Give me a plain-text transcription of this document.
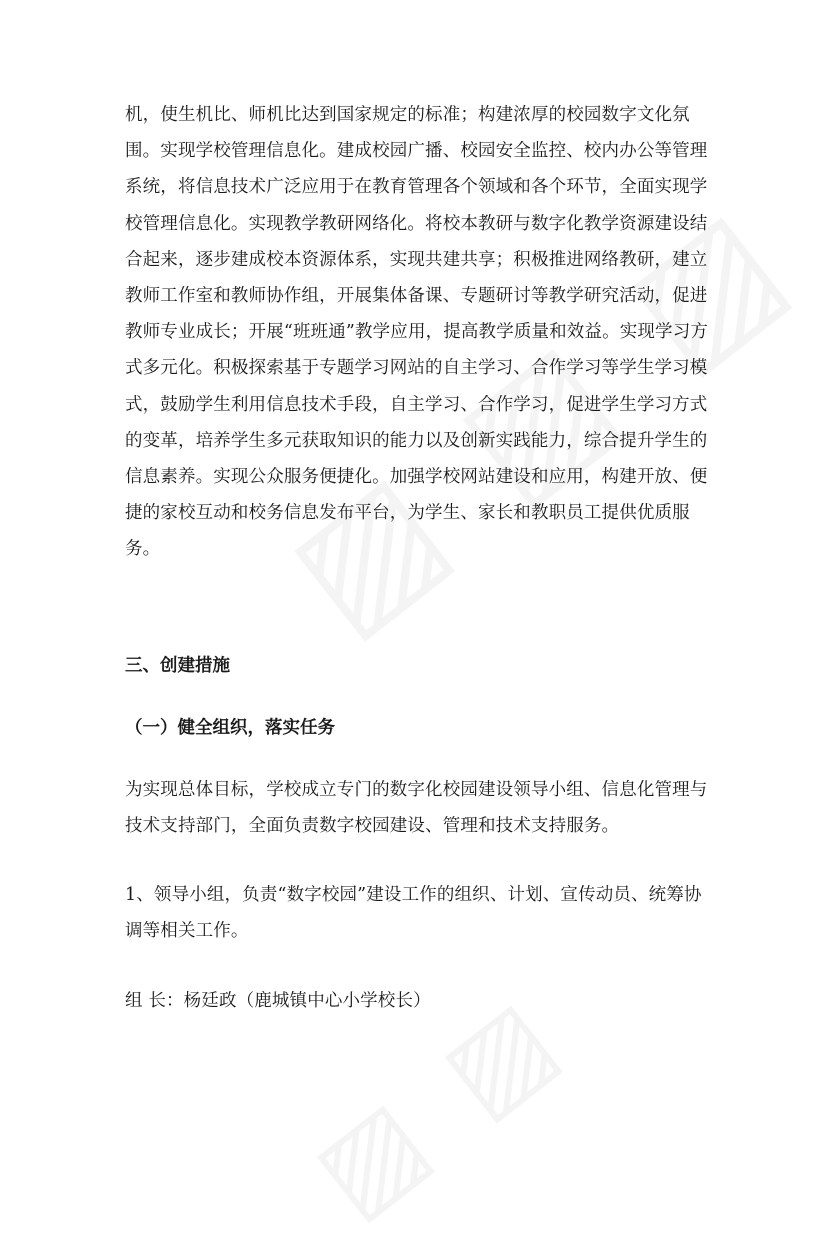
机，使生机比、师机比达到国家规定的标准；构建浓厚的校园数字文化氛围。实现学校管理信息化。建成校园广播、校园安全监控、校内办公等管理系统，将信息技术广泛应用于在教育管理各个领域和各个环节，全面实现学校管理信息化。实现教学教研网络化。将校本教研与数字化教学资源建设结合起来，逐步建成校本资源体系，实现共建共享；积极推进网络教研，建立教师工作室和教师协作组，开展集体备课、专题研讨等教学研究活动，促进教师专业成长；开展“班班通”教学应用，提高教学质量和效益。实现学习方式多元化。积极探索基于专题学习网站的自主学习、合作学习等学生学习模式，鼓励学生利用信息技术手段，自主学习、合作学习，促进学生学习方式的变革，培养学生多元获取知识的能力以及创新实践能力，综合提升学生的信息素养。实现公众服务便捷化。加强学校网站建设和应用，构建开放、便捷的家校互动和校务信息发布平台，为学生、家长和教职员工提供优质服务。

三、创建措施
（一）健全组织，落实任务

为实现总体目标，学校成立专门的数字化校园建设领导小组、信息化管理与技术支持部门，全面负责数字校园建设、管理和技术支持服务。

1、领导小组，负责“数字校园”建设工作的组织、计划、宣传动员、统筹协调等相关工作。

组 长：杨廷政（鹿城镇中心小学校长）
